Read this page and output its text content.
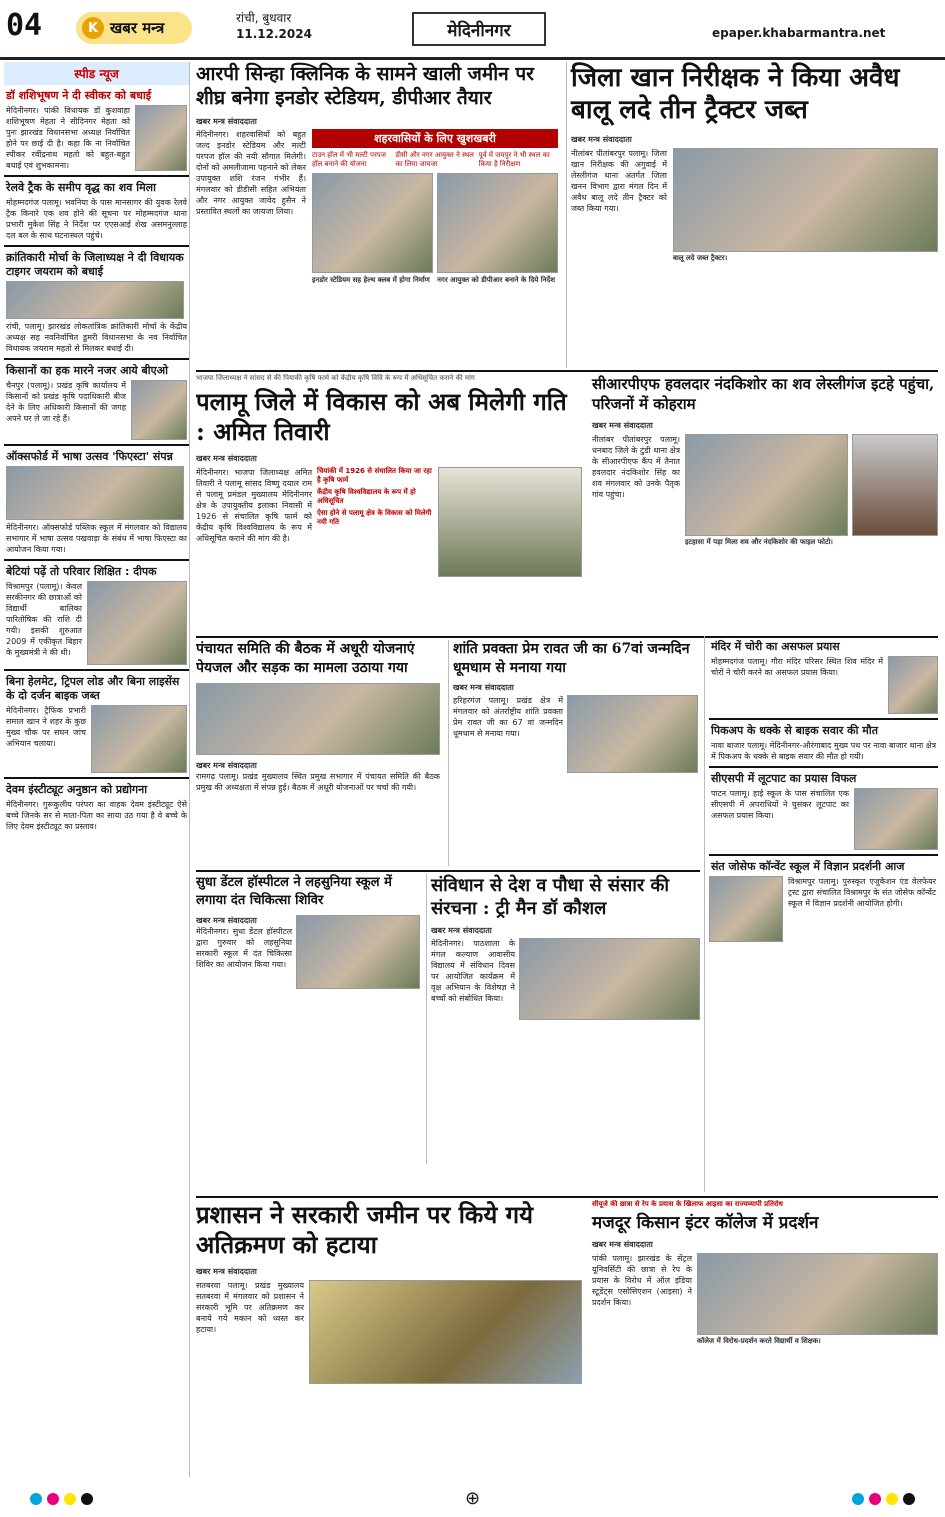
04	K खबर मन्त्र
रांची, बुधवार
11.12.2024	मेदिनीनगर	epaper.khabarmantra.net
स्पीड न्यूज
डॉ शशिभूषण ने दी स्वीकर को बधाई
मेदिनीनगर। पांकी विधायक डॉ कुशवाहा शशिभूषण मेहता ने सीदिनगर मेहता को पुनः झारखंड विधानसभा अध्यक्ष निर्वाचित होने पर छाई दी है। कहा कि ना निर्वाचित स्पीकर रवींद्रनाथ महतो को बहुत-बहुत बधाई एवं शुभकामना।
रेलवे ट्रैक के समीप वृद्ध का शव मिला
मोहम्मदगंज पलामू। भवनिया के पास मानसागर की युवक रेलवे ट्रैक किनारे एक शव होने की सूचना पर मोहम्मदगंज थाना प्रभारी मुकेश सिंह ने निर्देश पर एएसआई शेख असमनुल्लाह दल बल के साथ घटनास्थल पहुंचे।
क्रांतिकारी मोर्चा के जिलाध्यक्ष ने दी विधायक टाइगर जयराम को बधाई
रांची, पलामू। झारखंड लोकतांत्रिक क्रांतिकारी मोर्चा के केंद्रीय अध्यक्ष सह नवनिर्वाचित डुमरी विधानसभा के नव निर्वाचित विधायक जयराम महतो से मिलकर बधाई दी।
किसानों का हक मारने नजर आये बीएओ
चैनपुर (पलामू)। प्रखंड कृषि कार्यालय में किसानों को प्रखंड कृषि पदाधिकारी बीज देने के लिए अधिकारी किसानों की जगह अपने घर ले जा रहे हैं।
ऑक्सफोर्ड में भाषा उत्सव 'फिएस्टा' संपन्न
मेदिनीनगर। ऑक्सफोर्ड पब्लिक स्कूल में मंगलवार को विद्यालय सभागार में भाषा उत्सव पखवाड़ा के संबंध में भाषा फिएस्टा का आयोजन किया गया।
बेटियां पढ़ें तो परिवार शिक्षित : दीपक
विश्रामपुर (पलामू)। केवल सरकीनगर की छात्राओं को विद्यार्थी बालिका पारितोषिक की राशि दी गयी। इसकी शुरुआत 2009 में एकीकृत बिहार के मुख्यमंत्री ने की थी।
बिना हेलमेट, ट्रिपल लोड और बिना लाइसेंस के दो दर्जन बाइक जब्त
मेदिनीनगर। ट्रैफिक प्रभारी समाल खान ने शहर के कुछ मुख्य चौक पर सघन जांच अभियान चलाया।
देवम इंस्टीट्यूट अनुष्ठान को प्रद्योगना
मेदिनीनगर। गुरूकुलीय परंपरा का वाहक देवम इंस्टीट्यूट ऐसे बच्चे जिनके सर से माता-पिता का साया उठ गया है वे बच्चे के लिए देवम इंस्टीट्यूट का प्रस्ताव।
आरपी सिन्हा क्लिनिक के सामने खाली जमीन पर शीघ्र बनेगा इनडोर स्टेडियम, डीपीआर तैयार
खबर मन्त्र संवाददाता
मेदिनीनगर। शहरवासियों को बहुत जल्द इनडोर स्टेडियम और मल्टी परपज हॉल की नयी सौगात मिलेगी। दोनों को अमलीजामा पहनाने को लेकर उपायुक्त शशि रंजन गंभीर हैं। मंगलवार को डीडीसी सहित अभियंता और नगर आयुक्त जावेद हुसैन ने प्रस्तावित स्थलों का जायजा लिया।
शहरवासियों के लिए खुशखबरी
टाउन हॉल में भी मल्टी परपज हॉल बनाने की योजना
डीसी और नगर आयुक्त ने स्थल का लिया जायजा
पूर्व में जयपुर ने भी स्थल का किया है निरीक्षण
इनडोर स्टेडियम सह हेल्थ क्लब में होगा निर्माण	नगर आयुक्त को डीपीआर बनाने के दिये निर्देश
जिला खान निरीक्षक ने किया अवैध बालू लदे तीन ट्रैक्टर जब्त
खबर मन्त्र संवाददाता
नीलांबर पीतांबरपुर पलामू। जिला खान निरीक्षक की अगुवाई में लेस्लीगंज थाना अंतर्गत जिला खनन विभाग द्वारा मंगल दिन में अवैध बालू लदे तीन ट्रैक्टर को जब्त किया गया।
बालू लदे जब्त ट्रैक्टर।
भाजपा जिलाध्यक्ष ने सांसद से की पियाकी कृषि फार्म को केंद्रीय कृषि विवि के रूप में अधिसूचित कराने की मांग
पलामू जिले में विकास को अब मिलेगी गति : अमित तिवारी
खबर मन्त्र संवाददाता
मेदिनीनगर। भाजपा जिलाध्यक्ष अमित तिवारी ने पलामू सांसद विष्णु दयाल राम से पलामू प्रमंडल मुख्यालय मेदिनीनगर क्षेत्र के उपायुक्तीय इलाका निवासी में 1926 से संचालित कृषि फार्म को केंद्रीय कृषि विश्वविद्यालय के रूप में अधिसूचित कराने की मांग की है।
चियांकी में 1926 से संचालित किया जा रहा है कृषि फार्म
केंद्रीय कृषि विश्वविद्यालय के रूप में हो अधिसूचित
ऐसा होने से पलामू क्षेत्र के विकास को मिलेगी नयी गति
सीआरपीएफ हवलदार नंदकिशोर का शव लेस्लीगंज इटहे पहुंचा, परिजनों में कोहराम
खबर मन्त्र संवाददाता
नीलांबर पीतांबरपुर पलामू। धनबाद जिले के टुंडी थाना क्षेत्र के सीआरपीएफ कैंप में तैनात हवलदार नंदकिशोर सिंह का शव मंगलवार को उनके पैतृक गांव पहुंचा।
इटहासा में पड़ा मिला शव और नंदकिशोर की फाइल फोटो।
पंचायत समिति की बैठक में अधूरी योजनाएं पेयजल और सड़क का मामला उठाया गया
खबर मन्त्र संवाददाता
रामगढ़ पलामू। प्रखंड मुख्यालय स्थित प्रमुख सभागार में पंचायत समिति की बैठक प्रमुख की अध्यक्षता में संपन्न हुई। बैठक में अधूरी योजनाओं पर चर्चा की गयी।
शांति प्रवक्ता प्रेम रावत जी का 67वां जन्मदिन धूमधाम से मनाया गया
खबर मन्त्र संवाददाता
हरिहरगंज पलामू। प्रखंड क्षेत्र में मंगलवार को अंतर्राष्ट्रीय शांति प्रवक्ता प्रेम रावत जी का 67 वां जन्मदिन धूमधाम से मनाया गया।
मंदिर में चोरी का असफल प्रयास
मोहम्मदगंज पलामू। गौरा मंदिर परिसर स्थित शिव मंदिर में चोरों ने चोरी करने का असफल प्रयास किया।
पिकअप के धक्के से बाइक सवार की मौत
नावा बाजार पलामू। मेदिनीनगर-औरंगाबाद मुख्य पथ पर नावा बाजार थाना क्षेत्र में पिकअप के धक्के से बाइक सवार की मौत हो गयी।
सीएसपी में लूटपाट का प्रयास विफल
पाटन पलामू। हाई स्कूल के पास संचालित एक सीएसपी में अपराधियों ने घुसकर लूटपाट का असफल प्रयास किया।
संत जोसेफ कॉन्वेंट स्कूल में विज्ञान प्रदर्शनी आज
विश्रामपुर पलामू। पुरुस्कृत एजुकेशन एंड वेलफेयर ट्रस्ट द्वारा संचालित विश्रामपुर के संत जोसेफ कॉन्वेंट स्कूल में विज्ञान प्रदर्शनी आयोजित होगी।
सुधा डेंटल हॉस्पीटल ने लहसुनिया स्कूल में लगाया दंत चिकित्सा शिविर
खबर मन्त्र संवाददाता
मेदिनीनगर। सुधा डेंटल हॉस्पीटल द्वारा गुरुवार को लहसुनिया सरकारी स्कूल में दंत चिकित्सा शिविर का आयोजन किया गया।
संविधान से देश व पौधा से संसार की संरचना : ट्री मैन डॉ कौशल
खबर मन्त्र संवाददाता
मेदिनीनगर। पाठशाला के मंगल कल्याण आवासीय विद्यालय में संविधान दिवस पर आयोजित कार्यक्रम में वृक्ष अभियान के विशेषज्ञ ने बच्चों को संबोधित किया।
प्रशासन ने सरकारी जमीन पर किये गये अतिक्रमण को हटाया
खबर मन्त्र संवाददाता
सतबरवा पलामू। प्रखंड मुख्यालय सतबरवा में मंगलवार को प्रशासन ने सरकारी भूमि पर अतिक्रमण कर बनाये गये मकान को ध्वस्त कर हटाया।
सीयूजे की छात्रा से रेप के प्रयास के खिलाफ आइसा का राज्यव्यापी प्रतिरोध
मजदूर किसान इंटर कॉलेज में प्रदर्शन
खबर मन्त्र संवाददाता
पांकी पलामू। झारखंड के सेंट्रल यूनिवर्सिटी की छात्रा से रेप के प्रयास के विरोध में ऑल इंडिया स्टूडेंट्स एसोसिएशन (आइसा) ने प्रदर्शन किया।
कॉलेज में विरोध-प्रदर्शन करते विद्यार्थी व शिक्षक।
⊕
